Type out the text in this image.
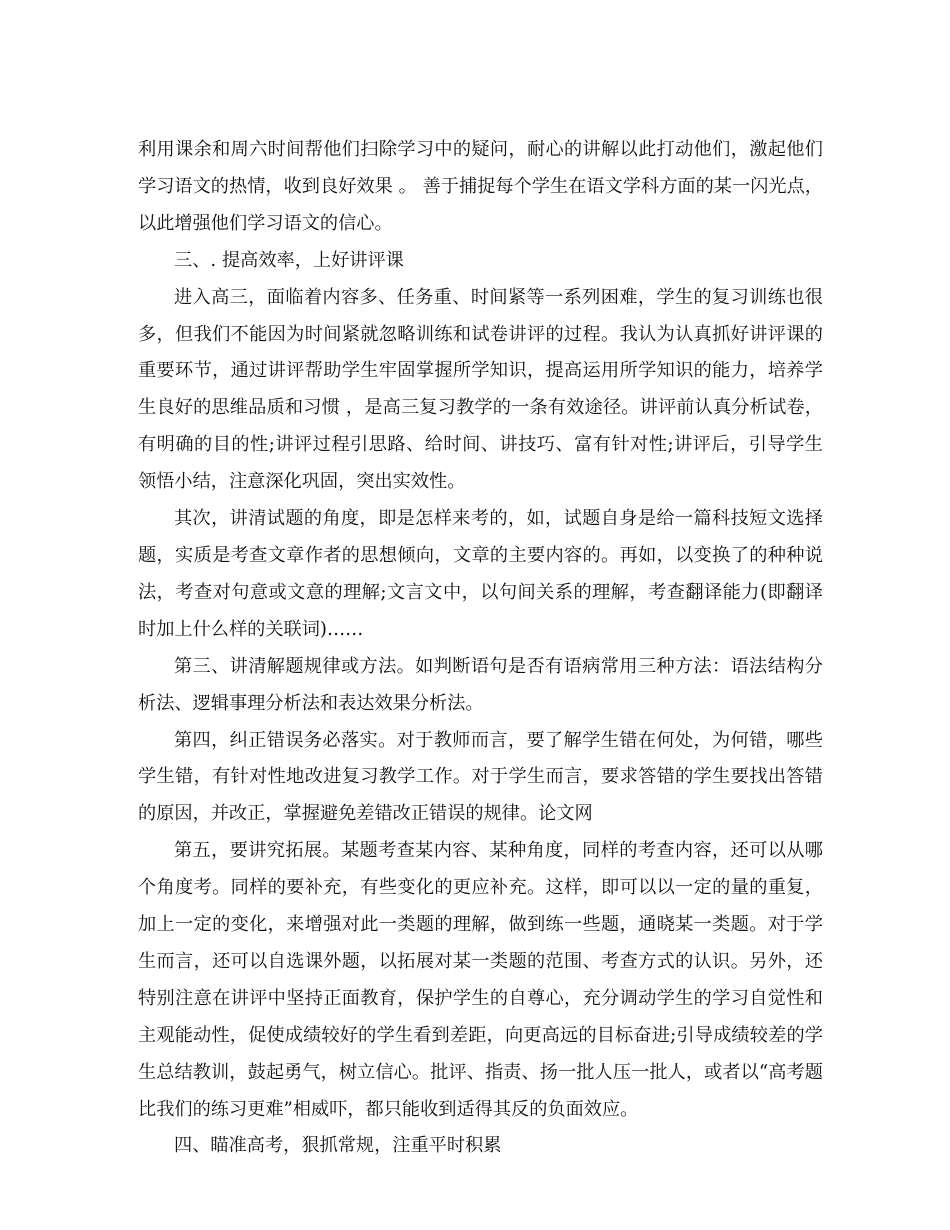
利用课余和周六时间帮他们扫除学习中的疑问，耐心的讲解以此打动他们，激起他们学习语文的热情，收到良好效果 。 善于捕捉每个学生在语文学科方面的某一闪光点，以此增强他们学习语文的信心。

三、. 提高效率，上好讲评课

进入高三，面临着内容多、任务重、时间紧等一系列困难，学生的复习训练也很多，但我们不能因为时间紧就忽略训练和试卷讲评的过程。我认为认真抓好讲评课的重要环节，通过讲评帮助学生牢固掌握所学知识，提高运用所学知识的能力，培养学生良好的思维品质和习惯 ，是高三复习教学的一条有效途径。讲评前认真分析试卷，有明确的目的性;讲评过程引思路、给时间、讲技巧、富有针对性;讲评后，引导学生领悟小结，注意深化巩固，突出实效性。

其次，讲清试题的角度，即是怎样来考的，如，试题自身是给一篇科技短文选择题，实质是考查文章作者的思想倾向，文章的主要内容的。再如，以变换了的种种说法，考查对句意或文意的理解;文言文中，以句间关系的理解，考查翻译能力(即翻译时加上什么样的关联词)……

第三、讲清解题规律或方法。如判断语句是否有语病常用三种方法：语法结构分析法、逻辑事理分析法和表达效果分析法。

第四，纠正错误务必落实。对于教师而言，要了解学生错在何处，为何错，哪些学生错，有针对性地改进复习教学工作。对于学生而言，要求答错的学生要找出答错的原因，并改正，掌握避免差错改正错误的规律。论文网

第五，要讲究拓展。某题考查某内容、某种角度，同样的考查内容，还可以从哪个角度考。同样的要补充，有些变化的更应补充。这样，即可以以一定的量的重复，加上一定的变化，来增强对此一类题的理解，做到练一些题，通晓某一类题。对于学生而言，还可以自选课外题，以拓展对某一类题的范围、考查方式的认识。另外，还特别注意在讲评中坚持正面教育，保护学生的自尊心，充分调动学生的学习自觉性和主观能动性，促使成绩较好的学生看到差距，向更高远的目标奋进;引导成绩较差的学生总结教训，鼓起勇气，树立信心。批评、指责、扬一批人压一批人，或者以“高考题比我们的练习更难”相威吓，都只能收到适得其反的负面效应。

四、瞄准高考，狠抓常规，注重平时积累
